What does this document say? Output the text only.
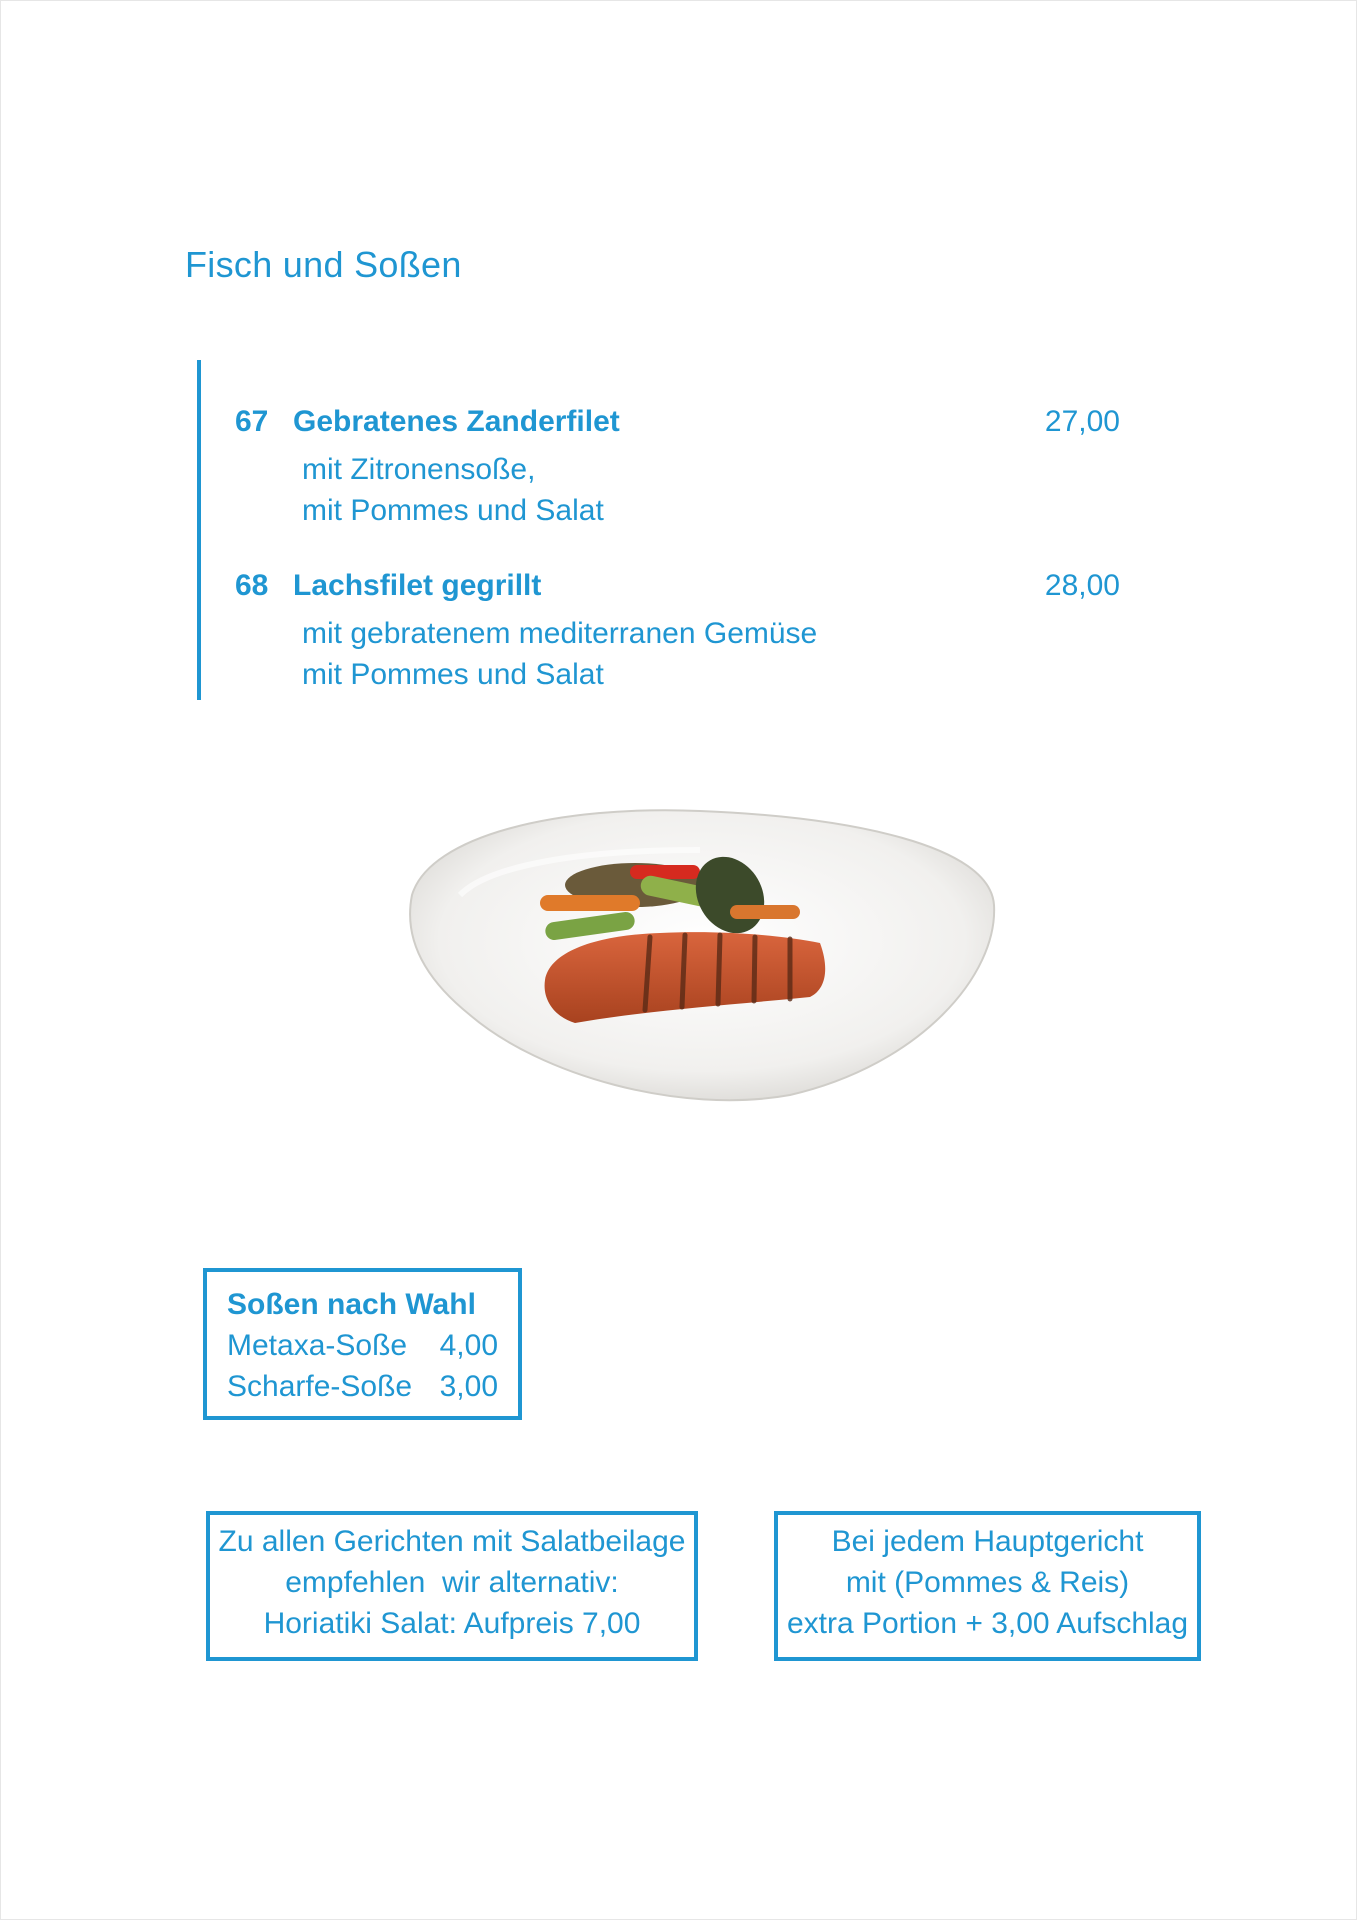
Fisch und Soßen
67 Gebratenes Zanderfilet	27,00
mit Zitronensoße,
mit Pommes und Salat
68 Lachsfilet gegrillt	28,00
mit gebratenem mediterranen Gemüse
mit Pommes und Salat
Soßen nach Wahl
Metaxa-Soße 4,00
Scharfe-Soße 3,00
Zu allen Gerichten mit Salatbeilage
empfehlen  wir alternativ:
Horiatiki Salat: Aufpreis 7,00
Bei jedem Hauptgericht
mit (Pommes & Reis)
extra Portion + 3,00 Aufschlag
